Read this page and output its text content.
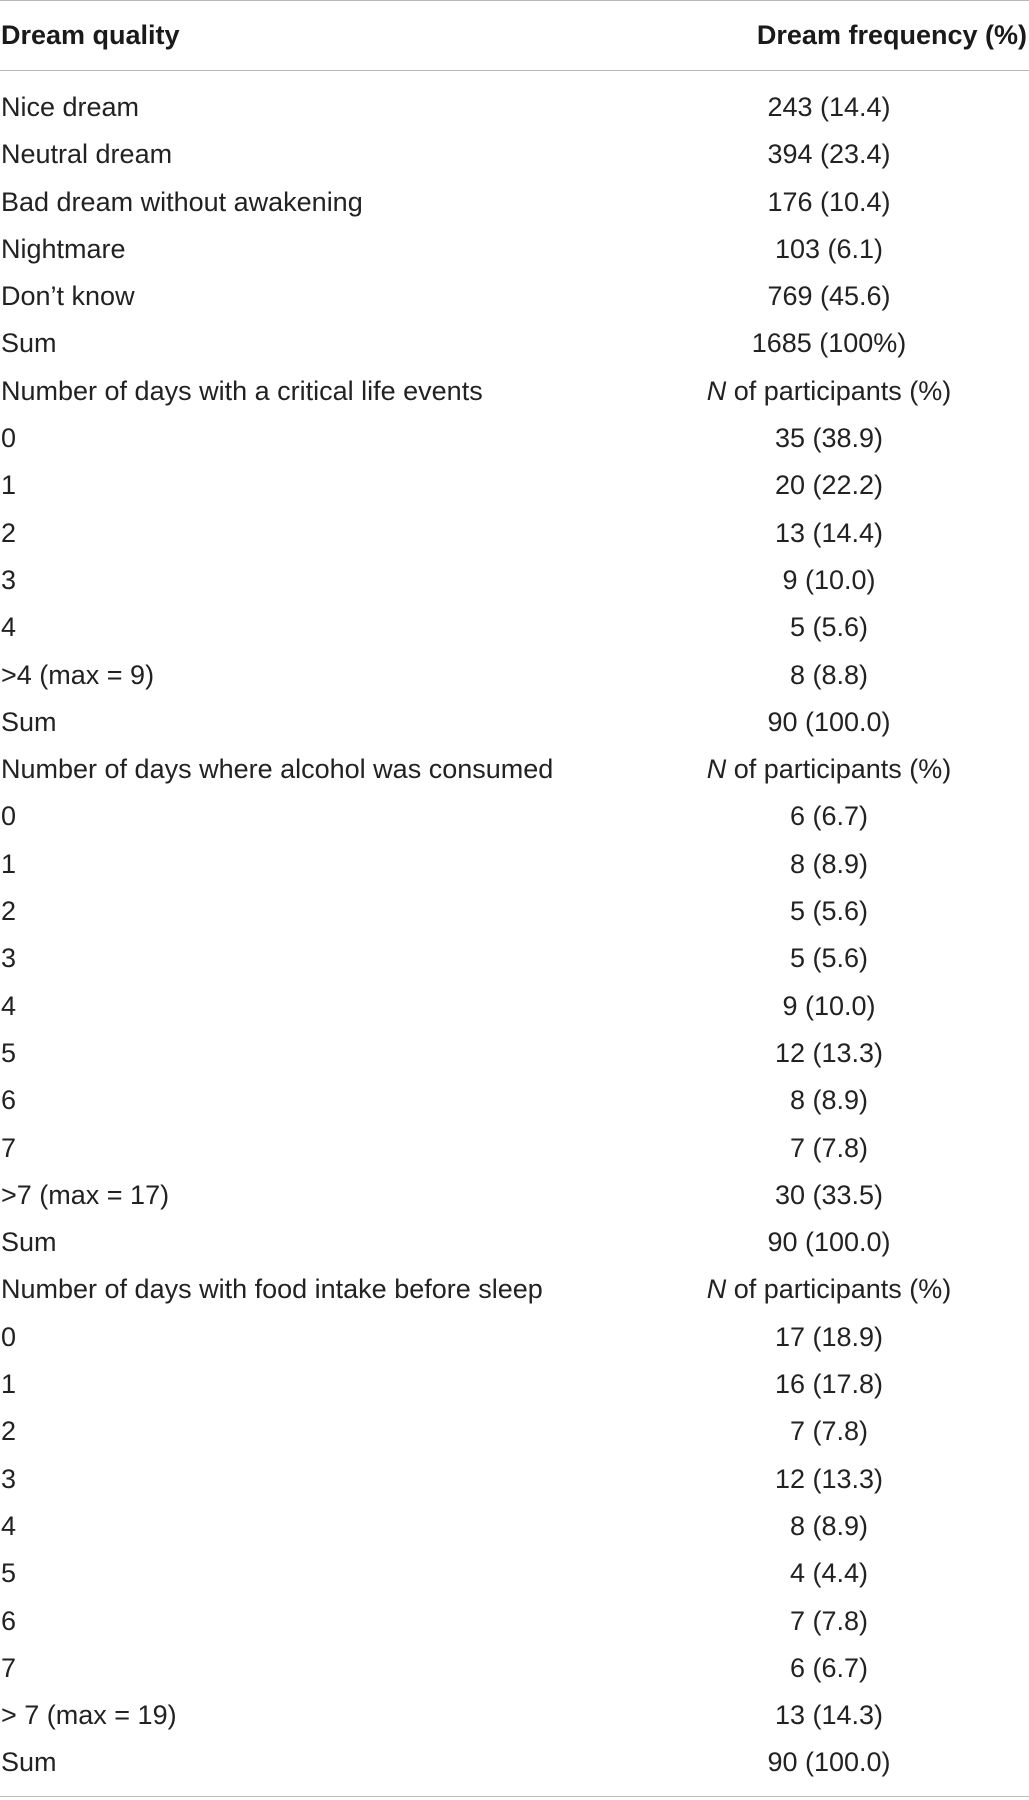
Dream quality	Dream frequency (%)
Nice dream	243 (14.4)
Neutral dream	394 (23.4)
Bad dream without awakening	176 (10.4)
Nightmare	103 (6.1)
Don’t know	769 (45.6)
Sum	1685 (100%)
Number of days with a critical life events	N of participants (%)
0	35 (38.9)
1	20 (22.2)
2	13 (14.4)
3	9 (10.0)
4	5 (5.6)
>4 (max = 9)	8 (8.8)
Sum	90 (100.0)
Number of days where alcohol was consumed	N of participants (%)
0	6 (6.7)
1	8 (8.9)
2	5 (5.6)
3	5 (5.6)
4	9 (10.0)
5	12 (13.3)
6	8 (8.9)
7	7 (7.8)
>7 (max = 17)	30 (33.5)
Sum	90 (100.0)
Number of days with food intake before sleep	N of participants (%)
0	17 (18.9)
1	16 (17.8)
2	7 (7.8)
3	12 (13.3)
4	8 (8.9)
5	4 (4.4)
6	7 (7.8)
7	6 (6.7)
> 7 (max = 19)	13 (14.3)
Sum	90 (100.0)
